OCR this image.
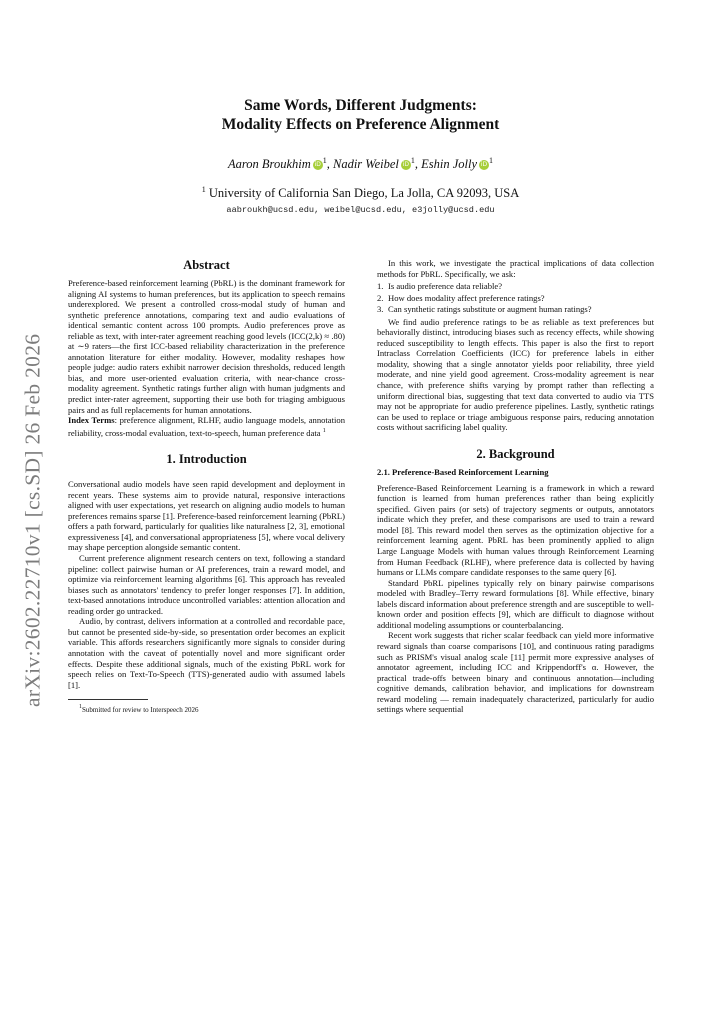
arXiv:2602.22710v1 [cs.SD] 26 Feb 2026
Same Words, Different Judgments:
Modality Effects on Preference Alignment
Aaron Broukhim iD $^1$, Nadir Weibel iD $^1$, Eshin Jolly iD $^1$
$^1$ University of California San Diego, La Jolla, CA 92093, USA
aabroukh@ucsd.edu, weibel@ucsd.edu, e3jolly@ucsd.edu
Abstract

Preference-based reinforcement learning (PbRL) is the dominant framework for aligning AI systems to human preferences, but its application to speech remains underexplored. We present a controlled cross-modal study of human and synthetic preference annotations, comparing text and audio evaluations of identical semantic content across 100 prompts. Audio preferences prove as reliable as text, with inter-rater agreement reaching good levels (ICC(2,k) ≈ .80) at ∼9 raters—the first ICC-based reliability characterization in the preference annotation literature for either modality. However, modality reshapes how people judge: audio raters exhibit narrower decision thresholds, reduced length bias, and more user-oriented evaluation criteria, with near-chance cross-modality agreement. Synthetic ratings further align with human judgments and predict inter-rater agreement, supporting their use both for triaging ambiguous pairs and as full replacements for human annotations.

Index Terms: preference alignment, RLHF, audio language models, annotation reliability, cross-modal evaluation, text-to-speech, human preference data $^1$

1. Introduction

Conversational audio models have seen rapid development and deployment in recent years. These systems aim to provide natural, responsive interactions aligned with user expectations, yet research on aligning audio models to human preferences remains sparse [1]. Preference-based reinforcement learning (PbRL) offers a path forward, particularly for qualities like naturalness [2, 3], emotional expressiveness [4], and conversational appropriateness [5], where vocal delivery may shape perception alongside semantic content.

Current preference alignment research centers on text, following a standard pipeline: collect pairwise human or AI preferences, train a reward model, and optimize via reinforcement learning algorithms [6]. This approach has revealed biases such as annotators' tendency to prefer longer responses [7]. In addition, text-based annotations introduce uncontrolled variables: attention allocation and reading order go untracked.

Audio, by contrast, delivers information at a controlled and recordable pace, but cannot be presented side-by-side, so presentation order becomes an explicit variable. This affords researchers significantly more signals to consider during annotation with the caveat of potentially novel and more significant order effects. Despite these additional signals, much of the existing PbRL work for speech relies on Text-To-Speech (TTS)-generated audio with assumed labels [1].

1Submitted for review to Interspeech 2026

In this work, we investigate the practical implications of data collection methods for PbRL. Specifically, we ask:

1. Is audio preference data reliable?
2. How does modality affect preference ratings?
3. Can synthetic ratings substitute or augment human ratings?

We find audio preference ratings to be as reliable as text preferences but behaviorally distinct, introducing biases such as recency effects, while showing reduced susceptibility to length effects. This paper is also the first to report Intraclass Correlation Coefficients (ICC) for preference labels in either modality, showing that a single annotator yields poor reliability, three yield moderate, and nine yield good agreement. Cross-modality agreement is near chance, with preference shifts varying by prompt rather than reflecting a uniform directional bias, suggesting that text data converted to audio via TTS may not be appropriate for audio preference pipelines. Lastly, synthetic ratings can be used to replace or triage ambiguous response pairs, reducing annotation costs without sacrificing label quality.

2. Background
2.1. Preference-Based Reinforcement Learning

Preference-Based Reinforcement Learning is a framework in which a reward function is learned from human preferences rather than being explicitly specified. Given pairs (or sets) of trajectory segments or outputs, annotators indicate which they prefer, and these comparisons are used to train a reward model [8]. This reward model then serves as the optimization objective for a reinforcement learning agent. PbRL has been prominently applied to align Large Language Models with human values through Reinforcement Learning from Human Feedback (RLHF), where preference data is collected by having humans or LLMs compare candidate responses to the same query [6].

Standard PbRL pipelines typically rely on binary pairwise comparisons modeled with Bradley–Terry reward formulations [8]. While effective, binary labels discard information about preference strength and are susceptible to well-known order and position effects [9], which are difficult to diagnose without additional modeling assumptions or counterbalancing.

Recent work suggests that richer scalar feedback can yield more informative reward signals than coarse comparisons [10], and continuous rating paradigms such as PRISM's visual analog scale [11] permit more expressive analyses of annotator agreement, including ICC and Krippendorff's α. However, the practical trade-offs between binary and continuous annotation—including cognitive demands, calibration behavior, and implications for downstream reward modeling — remain inadequately characterized, particularly for audio settings where sequential
